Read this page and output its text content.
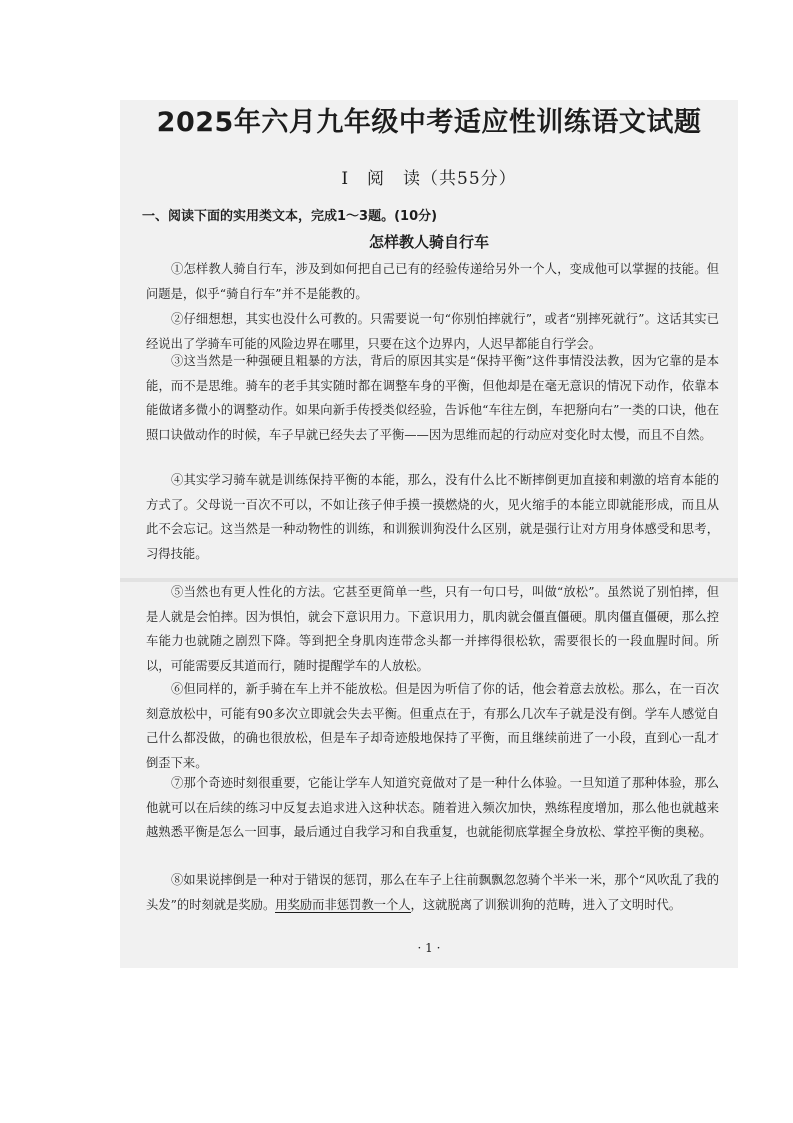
2025年六月九年级中考适应性训练语文试题
Ⅰ　阅　读（共55分）
一、阅读下面的实用类文本，完成1～3题。(10分)
怎样教人骑自行车

①怎样教人骑自行车，涉及到如何把自己已有的经验传递给另外一个人，变成他可以掌握的技能。但问题是，似乎“骑自行车”并不是能教的。

②仔细想想，其实也没什么可教的。只需要说一句“你别怕摔就行”，或者“别摔死就行”。这话其实已经说出了学骑车可能的风险边界在哪里，只要在这个边界内，人迟早都能自行学会。

③这当然是一种强硬且粗暴的方法，背后的原因其实是“保持平衡”这件事情没法教，因为它靠的是本能，而不是思维。骑车的老手其实随时都在调整车身的平衡，但他却是在毫无意识的情况下动作，依靠本能做诸多微小的调整动作。如果向新手传授类似经验，告诉他“车往左倒，车把掰向右”一类的口诀，他在照口诀做动作的时候，车子早就已经失去了平衡——因为思维而起的行动应对变化时太慢，而且不自然。

④其实学习骑车就是训练保持平衡的本能，那么，没有什么比不断摔倒更加直接和剌激的培育本能的方式了。父母说一百次不可以，不如让孩子伸手摸一摸燃烧的火，见火缩手的本能立即就能形成，而且从此不会忘记。这当然是一种动物性的训练，和训猴训狗没什么区别，就是强行让对方用身体感受和思考，习得技能。

⑤当然也有更人性化的方法。它甚至更简单一些，只有一句口号，叫做“放松”。虽然说了别怕摔，但是人就是会怕摔。因为惧怕，就会下意识用力。下意识用力，肌肉就会僵直僵硬。肌肉僵直僵硬，那么控车能力也就随之剧烈下降。等到把全身肌肉连带念头都一并摔得很松软，需要很长的一段血腥时间。所以，可能需要反其道而行，随时提醒学车的人放松。

⑥但同样的，新手骑在车上并不能放松。但是因为听信了你的话，他会着意去放松。那么，在一百次刻意放松中，可能有90多次立即就会失去平衡。但重点在于，有那么几次车子就是没有倒。学车人感觉自己什么都没做，的确也很放松，但是车子却奇迹般地保持了平衡，而且继续前进了一小段，直到心一乱才倒歪下来。

⑦那个奇迹时刻很重要，它能让学车人知道究竟做对了是一种什么体验。一旦知道了那种体验，那么他就可以在后续的练习中反复去追求进入这种状态。随着进入频次加快，熟练程度增加，那么他也就越来越熟悉平衡是怎么一回事，最后通过自我学习和自我重复，也就能彻底掌握全身放松、掌控平衡的奥秘。

⑧如果说摔倒是一种对于错误的惩罚，那么在车子上往前飘飘忽忽骑个半米一米，那个“风吹乱了我的头发”的时刻就是奖励。用奖励而非惩罚教一个人，这就脱离了训猴训狗的范畴，进入了文明时代。

· 1 ·
